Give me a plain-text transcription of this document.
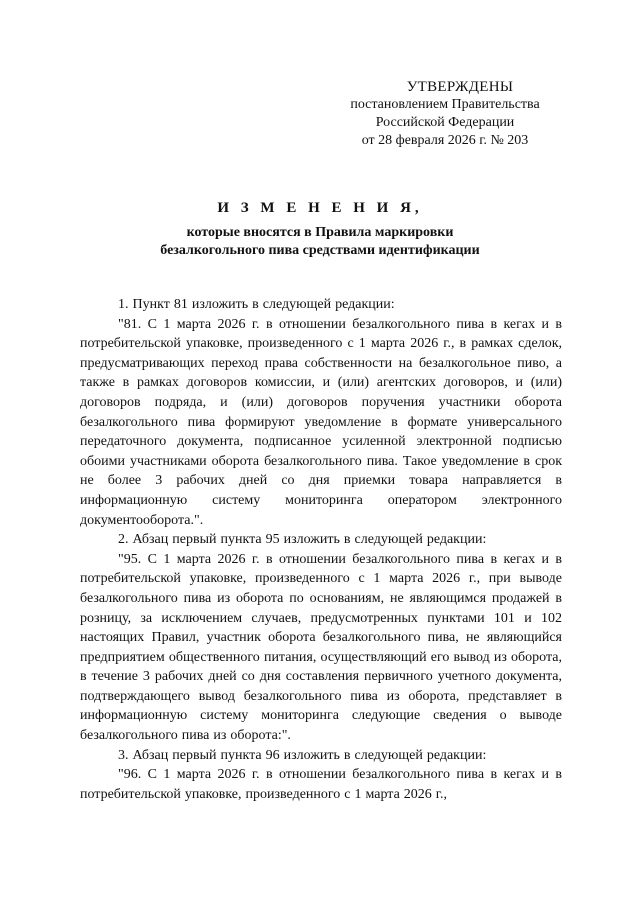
УТВЕРЖДЕНЫ
постановлением Правительства
Российской Федерации
от 28 февраля 2026 г. № 203
И З М Е Н Е Н И Я,
которые вносятся в Правила маркировки
безалкогольного пива средствами идентификации

1. Пункт 81 изложить в следующей редакции:

"81. С 1 марта 2026 г. в отношении безалкогольного пива в кегах и в потребительской упаковке, произведенного с 1 марта 2026 г., в рамках сделок, предусматривающих переход права собственности на безалкогольное пиво, а также в рамках договоров комиссии, и (или) агентских договоров, и (или) договоров подряда, и (или) договоров поручения участники оборота безалкогольного пива формируют уведомление в формате универсального передаточного документа, подписанное усиленной электронной подписью обоими участниками оборота безалкогольного пива. Такое уведомление в срок не более 3 рабочих дней со дня приемки товара направляется в информационную систему мониторинга оператором электронного документооборота.".

2. Абзац первый пункта 95 изложить в следующей редакции:

"95. С 1 марта 2026 г. в отношении безалкогольного пива в кегах и в потребительской упаковке, произведенного с 1 марта 2026 г., при выводе безалкогольного пива из оборота по основаниям, не являющимся продажей в розницу, за исключением случаев, предусмотренных пунктами 101 и 102 настоящих Правил, участник оборота безалкогольного пива, не являющийся предприятием общественного питания, осуществляющий его вывод из оборота, в течение 3 рабочих дней со дня составления первичного учетного документа, подтверждающего вывод безалкогольного пива из оборота, представляет в информационную систему мониторинга следующие сведения о выводе безалкогольного пива из оборота:".

3. Абзац первый пункта 96 изложить в следующей редакции:

"96. С 1 марта 2026 г. в отношении безалкогольного пива в кегах и в потребительской упаковке, произведенного с 1 марта 2026 г.,
